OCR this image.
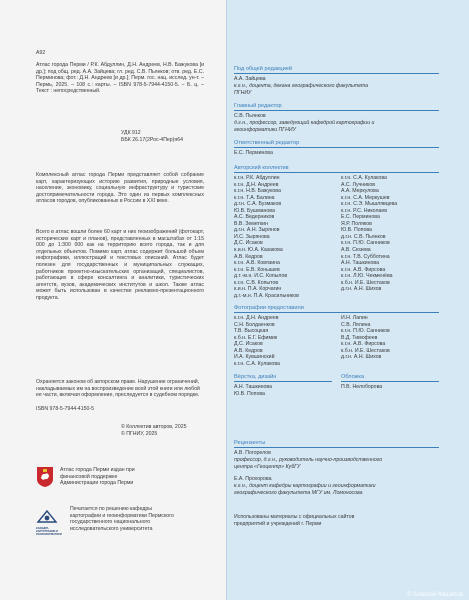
А92

Атлас города Перми / Р.К. Абдуллин, Д.Н. Андреев, Н.В. Бажукова [и др.]; под общ. ред. А.А. Зайцева; гл. ред. С.В. Пьянков; отв. ред. Е.С. Перминова; фот.: Д.Н. Андреев [и др.]; Перм. гос. нац. исслед. ун-т. – Пермь, 2025. – 108 с.: карты. – ISBN 978-5-7944-4150-5. – Б. ц. – Текст : непосредственный.

УДК 912

ББК 26.17(2Рос-4Пер)я64

Комплексный атлас города Перми представляет собой собрание карт, характеризующих историю развития, природные условия, население, экономику, социальную инфраструктуру и туристские достопримечательности города. Это один из первых комплексных атласов городов, опубликованных в России в XXI веке.

Всего в атлас вошли более 60 карт и них геоизображений (фотокарт, исторических карт и планов), представленных в масштабах от 1:15 000 до 1:300 000 как на территорию всего города, так и для отдельных объектов. Помимо карт, атлас содержит большой объем инфографики, иллюстраций и текстовых описаний. Атлас будет полезен для государственных и муниципальных служащих, работников проектно-изыскательских организаций, специалистов, работающих в сфере консалтинга и аналитики, туристических агентств, вузов, академических институтов и школ. Также атлас может быть использован в качестве рекламно-презентационного продукта.

Охраняется законом об авторском праве. Нарушение ограничений, накладываемых им на воспроизведение всей этой книги или любой ее части, включая оформление, преследуется в судебном порядке.

ISBN 978-5-7944-4150-5

© Коллектив авторов, 2025

© ПГНИУ, 2025

Атлас города Перми издан при финансовой поддержке Администрации города Перми

КАФЕДРА КАРТОГРАФИИ И ГЕОИНФОРМАТИКИ

Печатается по решению кафедры картографии и геоинформатики Пермского государственного национального исследовательского университета

Под общей редакцией

А.А. Зайцева

к.г.н., доцента, декана географического факультета ПГНИУ

Главный редактор

С.В. Пьянков

д.г.н., профессор, заведующий кафедрой картографии и геоинформатики ПГНИУ

Ответственный редактор

Е.С. Перминова

Авторский коллектив

к.г.н. Р.К. Абдуллин
к.г.н. Д.Н. Андреев
к.г.н. Н.В. Бажукова
к.г.н. Т.А. Балина
д.г.н. С.А. Бузмаков
Ю.В. Бушманова
А.С. Ведерников
В.В. Земеткин
д.г.н. А.Н. Зырянов
И.С. Зырянова
Д.С. Исаков
к.и.н. Ю.А. Казакова
А.В. Кедров
к.г.н. А.В. Ковязина
к.г.н. Е.В. Конышев
д.т.-м.н. И.С. Копылов
к.г.н. С.В. Копытов
к.и.н. П.А. Корчагин
д.г.-м.н. П.А. Красильников
к.г.н. С.А. Кулакова
А.С. Лучников
А.А. Меркулова
к.г.н. С.А. Меркушев
к.г.н. С.Э. Мышлявцева
к.г.н. Р.С. Николаев
Е.С. Перминова
Я.Р. Поляков
Ю.В. Попова
д.г.н. С.В. Пьянков
к.г.н. П.Ю. Санников
А.В. Сюзева
к.г.н. Т.В. Субботина
А.Н. Ташкинова
к.г.н. А.В. Фирсова
к.г.н. Л.Ю. Чекменёва
к.б.н. И.Е. Шестаков
д.г.н. А.Н. Шихов

Фотографии предоставили

к.г.н. Д.Н. Андреев
С.Н. Болдаенков
Т.В. Высоцкая
к.б.н. Е.Г. Ефимик
Д.С. Исаков
А.В. Кедров
И.А. Кувшинский
к.г.н. С.А. Кулакова
И.Н. Лапин
С.В. Лялина
к.г.н. П.Ю. Санников
В.Д. Тимофеев
к.г.н. А.В. Фирсова
к.б.н. И.Е. Шестаков
д.г.н. А.Н. Шихов

Вёрстка, дизайн

А.Н. Ташкинова
Ю.В. Попова

Обложка

П.В. Нелоборова

Рецензенты

А.В. Погорелов

профессор, д.г.н., руководитель научно-производственного центра «Геоцентр» КубГУ

Е.А. Прохорова

к.г.н., доцент кафедры картографии и геоинформатики географического факультета МГУ им. Ломоносова

Использованы материалы с официальных сайтов предприятий и учреждений г. Перми

© Алексей Кашапов
